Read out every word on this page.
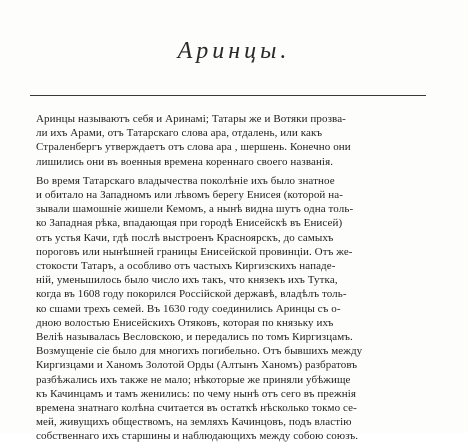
Аринцы.
Аринцы называютъ себя и Аринамі; Татары же и Вотяки прозва-
ли ихъ Арами, отъ Татарскаго слова ара, отдалень, или какъ
Страленбергъ утверждаетъ отъ слова ара , шершень. Конечно они
лишились они въ военныя времена кореннаго своего названія.
Во время Татарскаго владычества поколѣніе ихъ было знатное
и обитало на Западномъ или лѣвомъ берегу Енисея (которой на-
зывали шамошніе жишели Кемомъ, а нынѣ видна шутъ одна толь-
ко Западная рѣка, впадающая при городѣ Енисейскѣ въ Енисей)
отъ устья Качи, гдѣ послѣ выстроенъ Красноярскъ, до самыхъ
пороговъ или нынѣшней границы Енисейской провинціи. Отъ же-
стокости Татаръ, а особливо отъ частыхъ Киргизскихъ нападе-
ній, уменьшилось было число ихъ такъ, что князекъ ихъ Тутка,
когда въ 1608 году покорился Россійской державѣ, владѣлъ толь-
ко сшами трехъ семей. Въ 1630 году соединились Аринцы съ о-
дною волостью Енисейскихъ Отяковъ, которая по князьку ихъ
Веліѣ называлась Весловскою, и передались по томъ Киргизцамъ.
Возмущеніе сіе было для многихъ погибельно. Отъ бывшихъ между
Киргизцами и Ханомъ Золотой Орды (Алтынъ Ханомъ) разбратовъ
разбѣжались ихъ также не мало; нѣкоторые же приняли убѣжище
къ Качинцамъ и тамъ женились: по чему нынѣ отъ сего въ прежнія
времена знатнаго колѣна считается въ остаткѣ нѣсколько токмо се-
мей, живущихъ обществомъ, на земляхъ Качинцовъ, подъ властію
собственнаго ихъ старшины и наблюдающихъ между собою союзъ.
